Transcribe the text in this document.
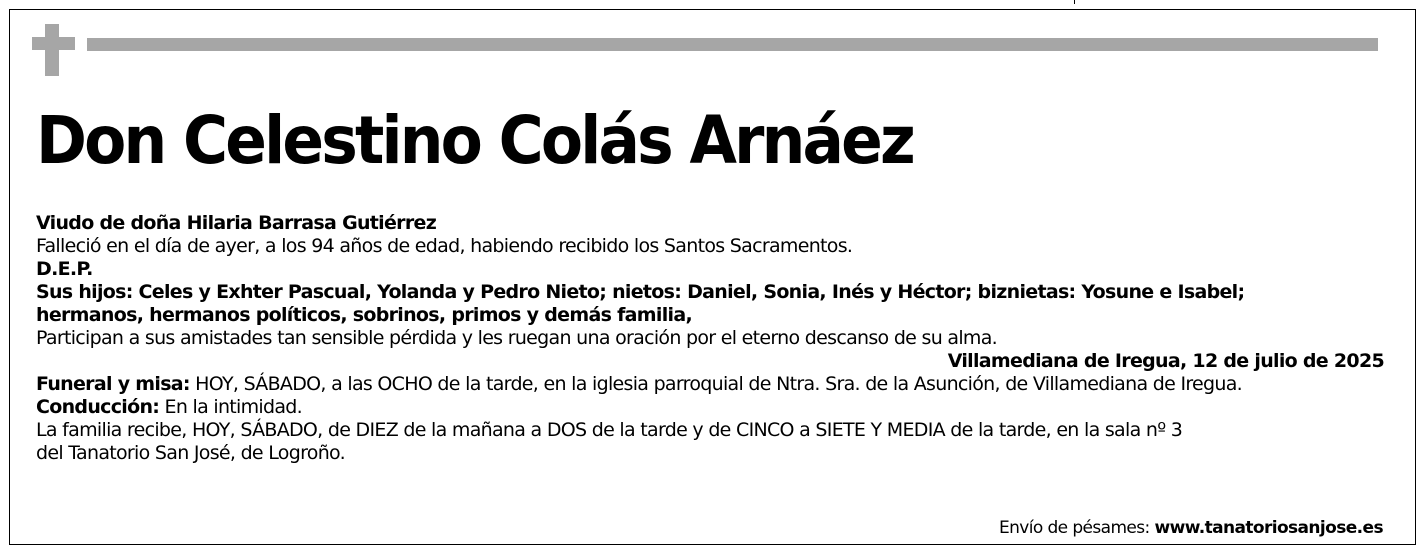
Don Celestino Colás Arnáez
Viudo de doña Hilaria Barrasa Gutiérrez
Falleció en el día de ayer, a los 94 años de edad, habiendo recibido los Santos Sacramentos.
D.E.P.
Sus hijos: Celes y Exhter Pascual, Yolanda y Pedro Nieto; nietos: Daniel, Sonia, Inés y Héctor; biznietas: Yosune e Isabel;
hermanos, hermanos políticos, sobrinos, primos y demás familia,
Participan a sus amistades tan sensible pérdida y les ruegan una oración por el eterno descanso de su alma.
Villamediana de Iregua, 12 de julio de 2025
Funeral y misa: HOY, SÁBADO, a las OCHO de la tarde, en la iglesia parroquial de Ntra. Sra. de la Asunción, de Villamediana de Iregua.
Conducción: En la intimidad.
La familia recibe, HOY, SÁBADO, de DIEZ de la mañana a DOS de la tarde y de CINCO a SIETE Y MEDIA de la tarde, en la sala nº 3
del Tanatorio San José, de Logroño.
Envío de pésames: www.tanatoriosanjose.es
